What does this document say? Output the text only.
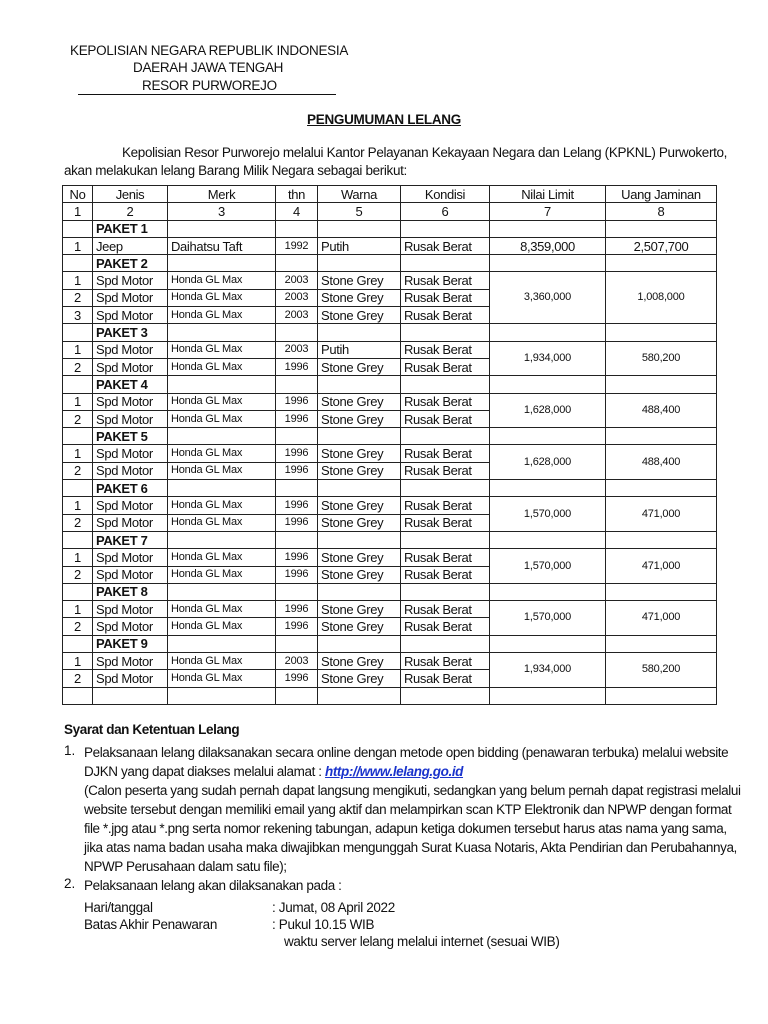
KEPOLISIAN NEGARA REPUBLIK INDONESIA
DAERAH JAWA TENGAH
RESOR PURWOREJO
PENGUMUMAN LELANG
Kepolisian Resor Purworejo melalui Kantor Pelayanan Kekayaan Negara dan Lelang (KPKNL) Purwokerto,
akan melakukan lelang Barang Milik Negara sebagai berikut:
No	Jenis	Merk	thn	Warna	Kondisi	Nilai Limit	Uang Jaminan
1	2	3	4	5	6	7	8
	PAKET 1						
1	Jeep	Daihatsu Taft	1992	Putih	Rusak Berat	8,359,000	2,507,700
	PAKET 2						
1	Spd Motor	Honda GL Max	2003	Stone Grey	Rusak Berat	3,360,000	1,008,000
2	Spd Motor	Honda GL Max	2003	Stone Grey	Rusak Berat		
3	Spd Motor	Honda GL Max	2003	Stone Grey	Rusak Berat		
	PAKET 3						
1	Spd Motor	Honda GL Max	2003	Putih	Rusak Berat	1,934,000	580,200
2	Spd Motor	Honda GL Max	1996	Stone Grey	Rusak Berat		
	PAKET 4						
1	Spd Motor	Honda GL Max	1996	Stone Grey	Rusak Berat	1,628,000	488,400
2	Spd Motor	Honda GL Max	1996	Stone Grey	Rusak Berat		
	PAKET 5						
1	Spd Motor	Honda GL Max	1996	Stone Grey	Rusak Berat	1,628,000	488,400
2	Spd Motor	Honda GL Max	1996	Stone Grey	Rusak Berat		
	PAKET 6						
1	Spd Motor	Honda GL Max	1996	Stone Grey	Rusak Berat	1,570,000	471,000
2	Spd Motor	Honda GL Max	1996	Stone Grey	Rusak Berat		
	PAKET 7						
1	Spd Motor	Honda GL Max	1996	Stone Grey	Rusak Berat	1,570,000	471,000
2	Spd Motor	Honda GL Max	1996	Stone Grey	Rusak Berat		
	PAKET 8						
1	Spd Motor	Honda GL Max	1996	Stone Grey	Rusak Berat	1,570,000	471,000
2	Spd Motor	Honda GL Max	1996	Stone Grey	Rusak Berat		
	PAKET 9						
1	Spd Motor	Honda GL Max	2003	Stone Grey	Rusak Berat	1,934,000	580,200
2	Spd Motor	Honda GL Max	1996	Stone Grey	Rusak Berat		

Syarat dan Ketentuan Lelang
1. Pelaksanaan lelang dilaksanakan secara online dengan metode open bidding (penawaran terbuka) melalui website
DJKN yang dapat diakses melalui alamat : http://www.lelang.go.id
(Calon peserta yang sudah pernah dapat langsung mengikuti, sedangkan yang belum pernah dapat registrasi melalui
website tersebut dengan memiliki email yang aktif dan melampirkan scan KTP Elektronik dan NPWP dengan format
file *.jpg atau *.png serta nomor rekening tabungan, adapun ketiga dokumen tersebut harus atas nama yang sama,
jika atas nama badan usaha maka diwajibkan mengunggah Surat Kuasa Notaris, Akta Pendirian dan Perubahannya,
NPWP Perusahaan dalam satu file);
2. Pelaksanaan lelang akan dilaksanakan pada :
Hari/tanggal	: Jumat, 08 April 2022
Batas Akhir Penawaran	: Pukul 10.15 WIB
waktu server lelang melalui internet (sesuai WIB)
